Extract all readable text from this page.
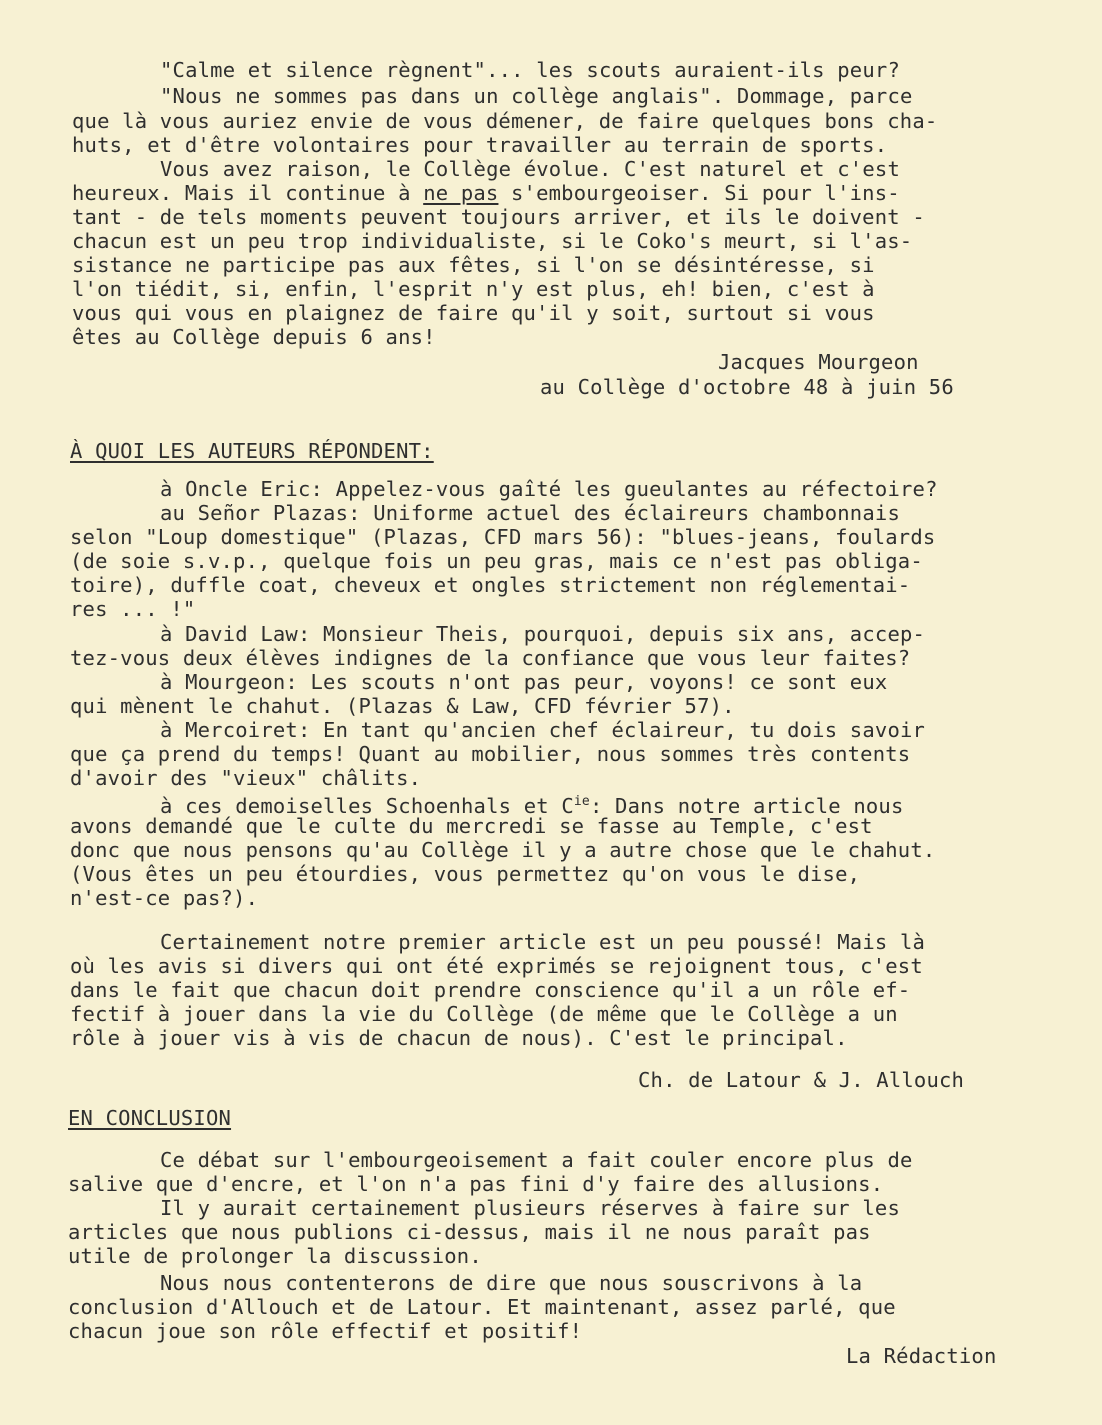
"Calme et silence règnent"... les scouts auraient-ils peur?
"Nous ne sommes pas dans un collège anglais". Dommage, parce
que là vous auriez envie de vous démener, de faire quelques bons cha-
huts, et d'être volontaires pour travailler au terrain de sports.
Vous avez raison, le Collège évolue. C'est naturel et c'est
heureux. Mais il continue à ne pas s'embourgeoiser. Si pour l'ins-
tant - de tels moments peuvent toujours arriver, et ils le doivent -
chacun est un peu trop individualiste, si le Coko's meurt, si l'as-
sistance ne participe pas aux fêtes, si l'on se désintéresse, si
l'on tiédit, si, enfin, l'esprit n'y est plus, eh! bien, c'est à
vous qui vous en plaignez de faire qu'il y soit, surtout si vous
êtes au Collège depuis 6 ans!
Jacques Mourgeon
au Collège d'octobre 48 à juin 56
À QUOI LES AUTEURS RÉPONDENT:
à Oncle Eric: Appelez-vous gaîté les gueulantes au réfectoire?
au Señor Plazas: Uniforme actuel des éclaireurs chambonnais
selon "Loup domestique" (Plazas, CFD mars 56): "blues-jeans, foulards
(de soie s.v.p., quelque fois un peu gras, mais ce n'est pas obliga-
toire), duffle coat, cheveux et ongles strictement non réglementai-
res ... !"
à David Law: Monsieur Theis, pourquoi, depuis six ans, accep-
tez-vous deux élèves indignes de la confiance que vous leur faites?
à Mourgeon: Les scouts n'ont pas peur, voyons! ce sont eux
qui mènent le chahut. (Plazas & Law, CFD février 57).
à Mercoiret: En tant qu'ancien chef éclaireur, tu dois savoir
que ça prend du temps! Quant au mobilier, nous sommes très contents
d'avoir des "vieux" châlits.
à ces demoiselles Schoenhals et $C^{ie}$: Dans notre article nous
avons demandé que le culte du mercredi se fasse au Temple, c'est
donc que nous pensons qu'au Collège il y a autre chose que le chahut.
(Vous êtes un peu étourdies, vous permettez qu'on vous le dise,
n'est-ce pas?).
Certainement notre premier article est un peu poussé! Mais là
où les avis si divers qui ont été exprimés se rejoignent tous, c'est
dans le fait que chacun doit prendre conscience qu'il a un rôle ef-
fectif à jouer dans la vie du Collège (de même que le Collège a un
rôle à jouer vis à vis de chacun de nous). C'est le principal.
Ch. de Latour & J. Allouch
EN CONCLUSION
Ce débat sur l'embourgeoisement a fait couler encore plus de
salive que d'encre, et l'on n'a pas fini d'y faire des allusions.
Il y aurait certainement plusieurs réserves à faire sur les
articles que nous publions ci-dessus, mais il ne nous paraît pas
utile de prolonger la discussion.
Nous nous contenterons de dire que nous souscrivons à la
conclusion d'Allouch et de Latour. Et maintenant, assez parlé, que
chacun joue son rôle effectif et positif!
La Rédaction
